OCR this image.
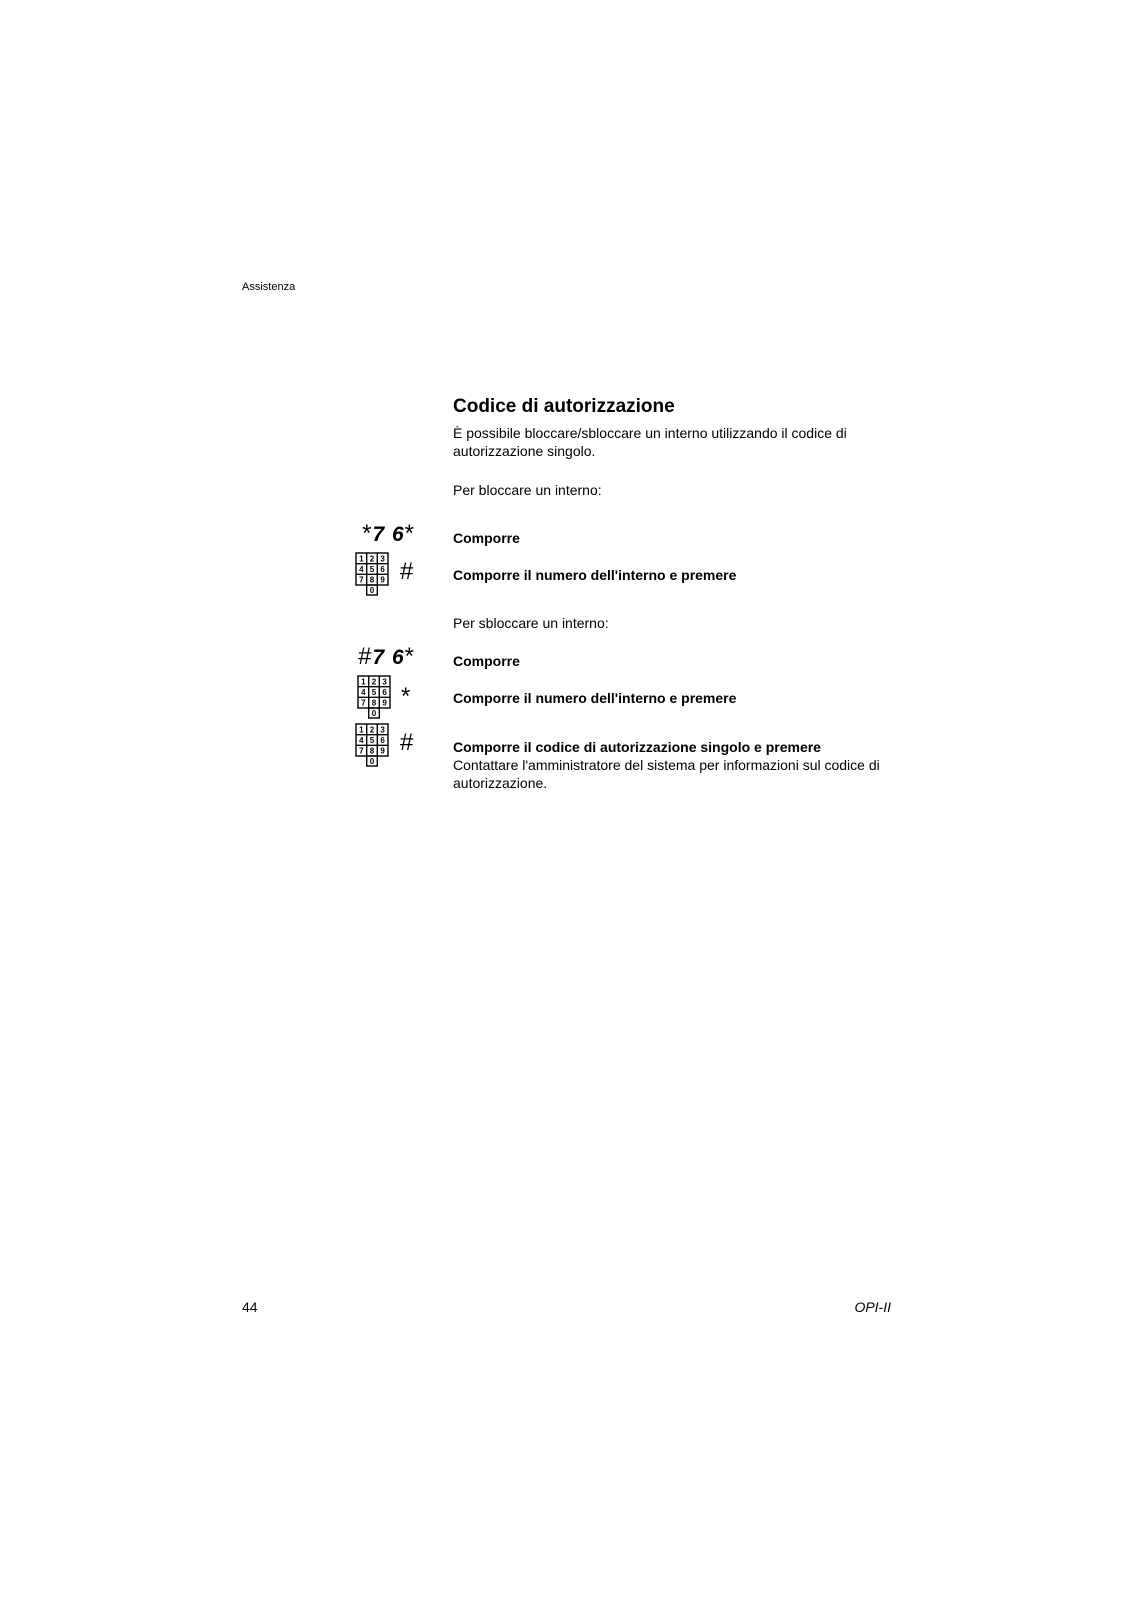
Assistenza
Codice di autorizzazione
È possibile bloccare/sbloccare un interno utilizzando il codice di autorizzazione singolo.
Per bloccare un interno:
*7 6*	Comporre
1 2 3
4 5 6
7 8 9
0
#	Comporre il numero dell'interno e premere
Per sbloccare un interno:
#7 6*	Comporre
1 2 3
4 5 6
7 8 9
0
*	Comporre il numero dell'interno e premere
1 2 3
4 5 6
7 8 9
0
#	Comporre il codice di autorizzazione singolo e premere
Contattare l'amministratore del sistema per informazioni sul codice di autorizzazione.
44	OPI-II
